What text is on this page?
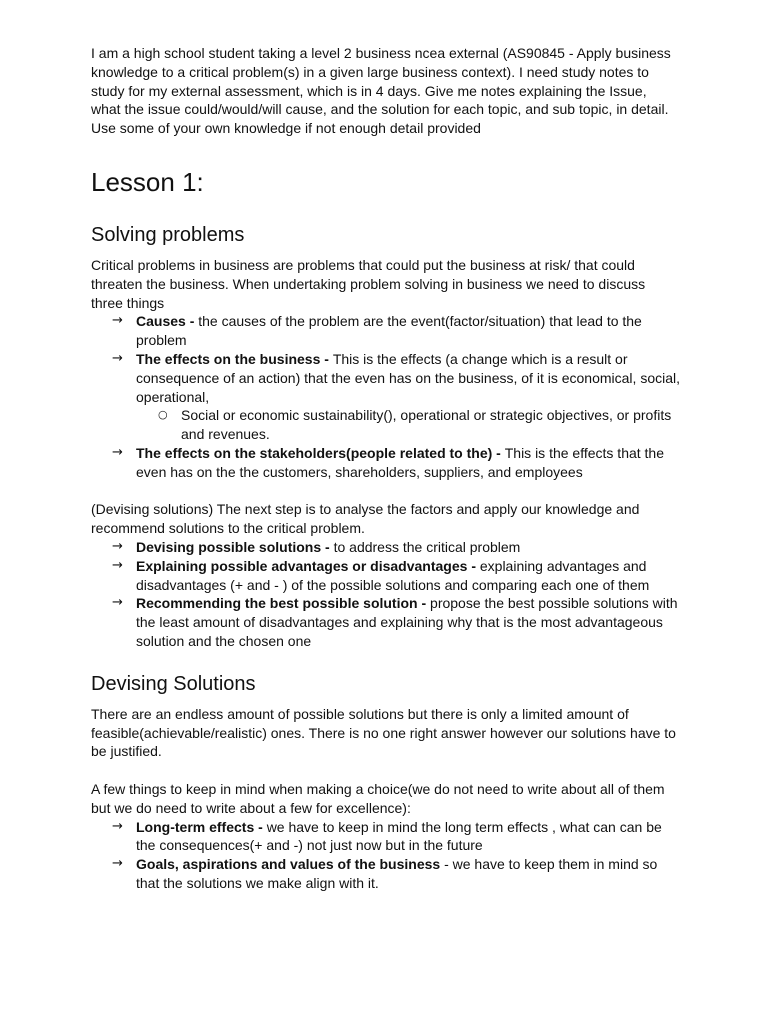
I am a high school student taking a level 2 business ncea external (AS90845 - Apply business knowledge to a critical problem(s) in a given large business context). I need study notes to study for my external assessment, which is in 4 days. Give me notes explaining the Issue, what the issue could/would/will cause, and the solution for each topic, and sub topic, in detail. Use some of your own knowledge if not enough detail provided

Lesson 1:
Solving problems

Critical problems in business are problems that could put the business at risk/ that could threaten the business. When undertaking problem solving in business we need to discuss three things

→ Causes - the causes of the problem are the event(factor/situation) that lead to the problem
→ The effects on the business - This is the effects (a change which is a result or consequence of an action) that the even has on the business, of it is economical, social, operational,
○ Social or economic sustainability(), operational or strategic objectives, or profits and revenues.
→ The effects on the stakeholders(people related to the) - This is the effects that the even has on the the customers, shareholders, suppliers, and employees

(Devising solutions) The next step is to analyse the factors and apply our knowledge and recommend solutions to the critical problem.

→ Devising possible solutions - to address the critical problem
→ Explaining possible advantages or disadvantages - explaining advantages and disadvantages (+ and - ) of the possible solutions and comparing each one of them
→ Recommending the best possible solution - propose the best possible solutions with the least amount of disadvantages and explaining why that is the most advantageous solution and the chosen one
Devising Solutions

There are an endless amount of possible solutions but there is only a limited amount of feasible(achievable/realistic) ones. There is no one right answer however our solutions have to be justified.

A few things to keep in mind when making a choice(we do not need to write about all of them but we do need to write about a few for excellence):

→ Long-term effects - we have to keep in mind the long term effects , what can can be the consequences(+ and -) not just now but in the future
→ Goals, aspirations and values of the business - we have to keep them in mind so that the solutions we make align with it.
